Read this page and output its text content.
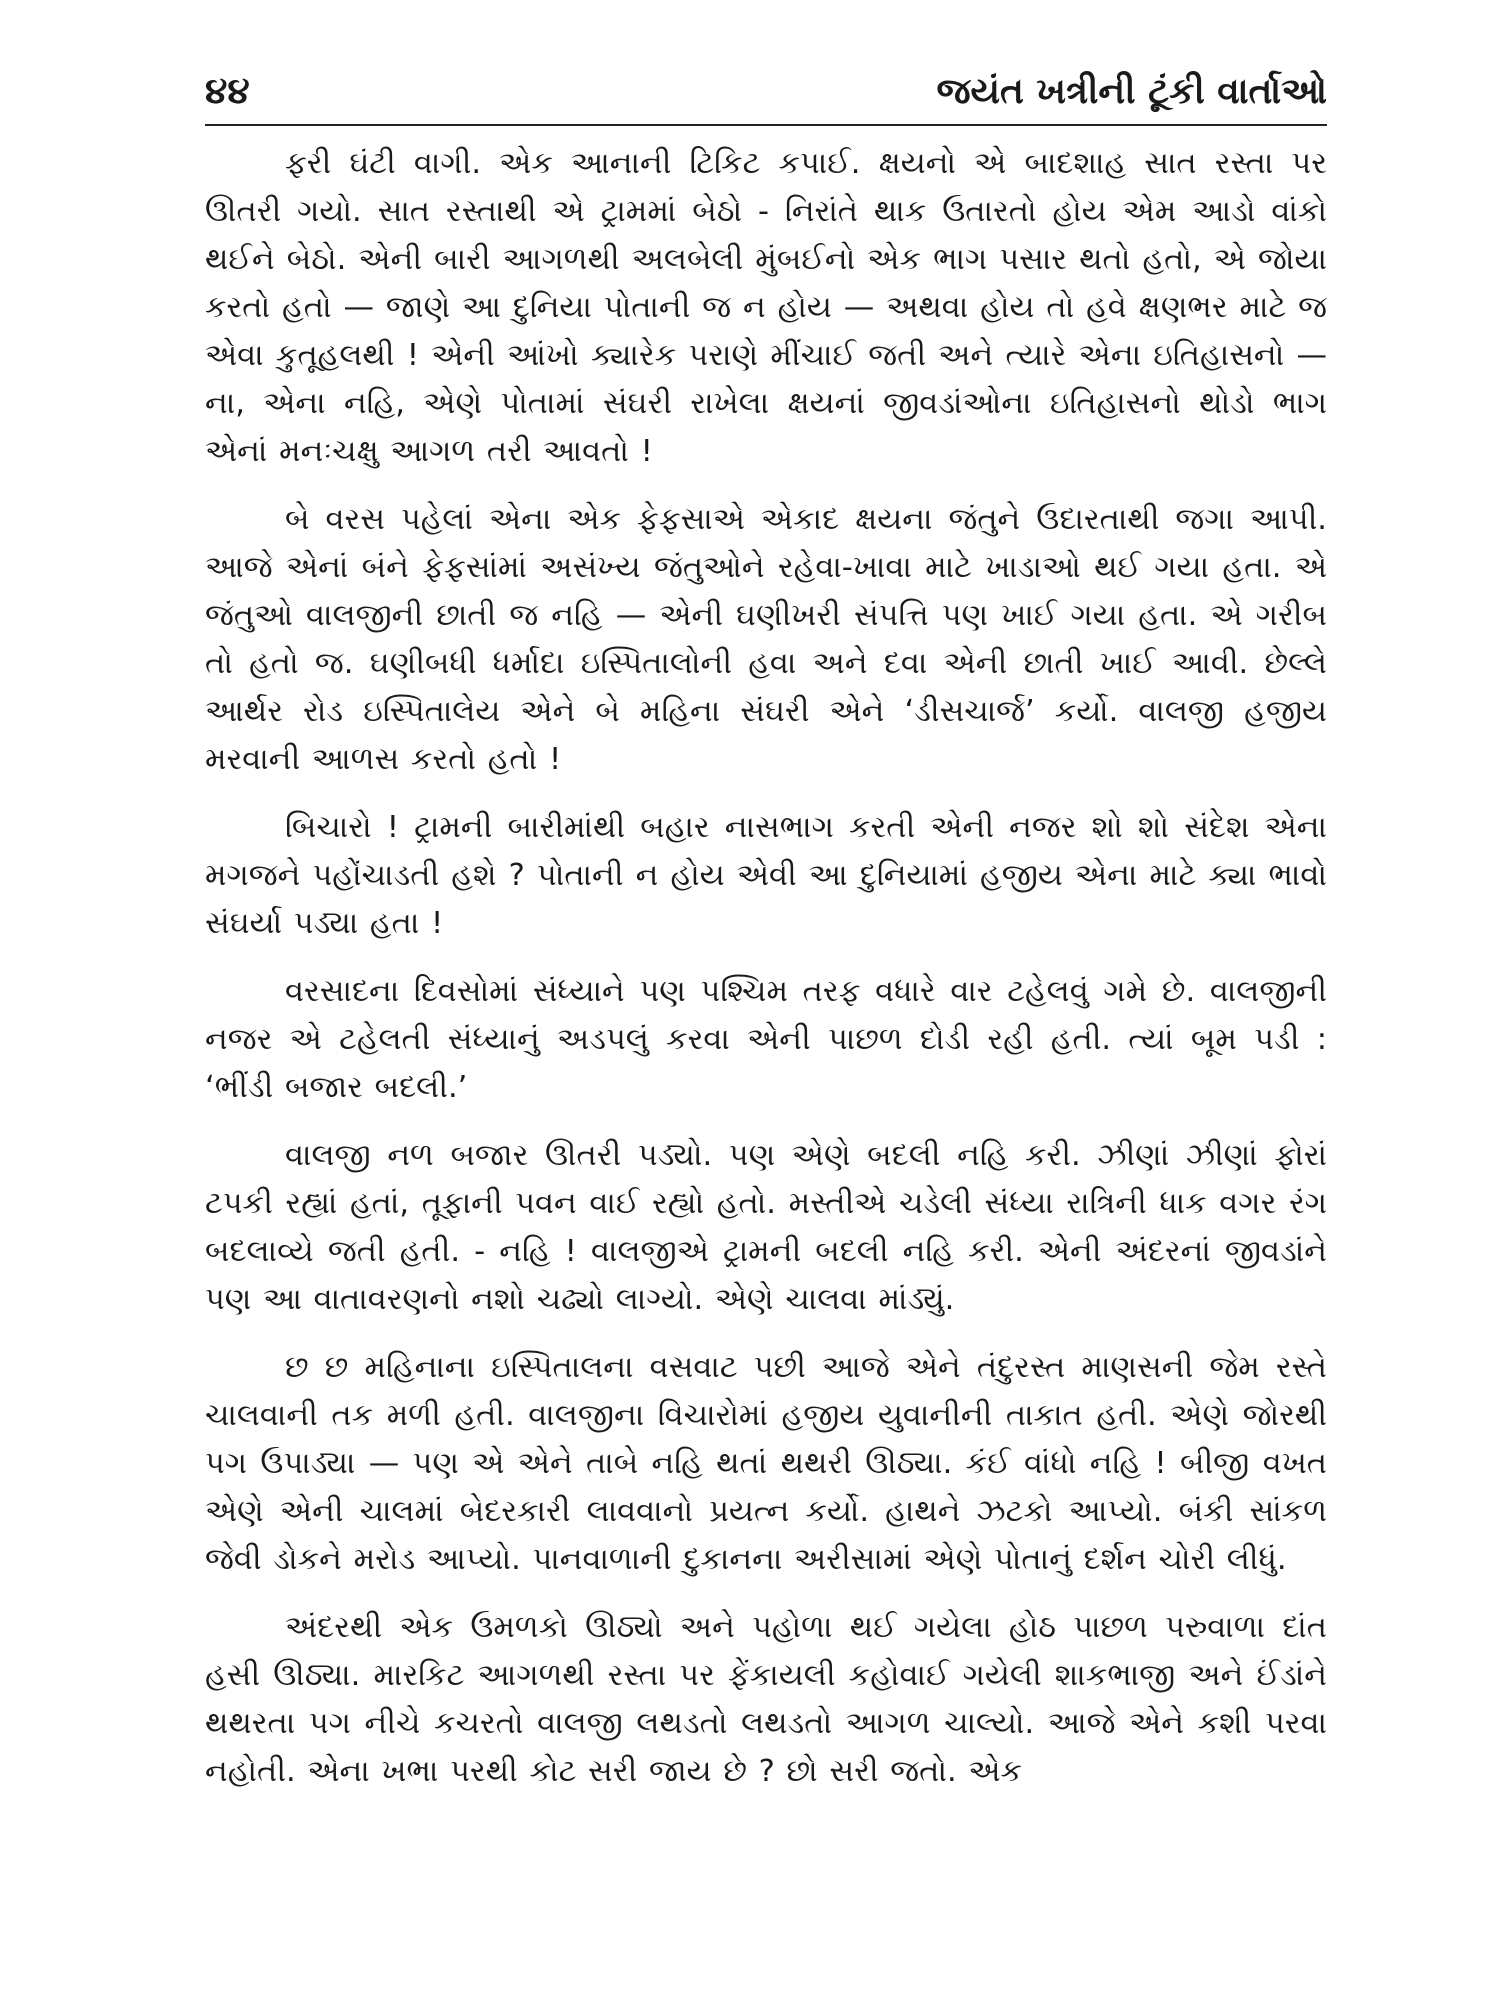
૪૪	જયંત ખત્રીની ટૂંકી વાર્તાઓ

ફરી ઘંટી વાગી. એક આનાની ટિકિટ કપાઈ. ક્ષયનો એ બાદશાહ સાત રસ્તા પર ઊતરી ગયો. સાત રસ્તાથી એ ટ્રામમાં બેઠો - નિરાંતે થાક ઉતારતો હોય એમ આડો વાંકો થઈને બેઠો. એની બારી આગળથી અલબેલી મુંબઈનો એક ભાગ પસાર થતો હતો, એ જોયા કરતો હતો — જાણે આ દુનિયા પોતાની જ ન હોય — અથવા હોય તો હવે ક્ષણભર માટે જ એવા કુતૂહલથી ! એની આંખો ક્યારેક પરાણે મીંચાઈ જતી અને ત્યારે એના ઇતિહાસનો — ના, એના નહિ, એણે પોતામાં સંઘરી રાખેલા ક્ષયનાં જીવડાંઓના ઇતિહાસનો થોડો ભાગ એનાં મનઃચક્ષુ આગળ તરી આવતો !

બે વરસ પહેલાં એના એક ફેફસાએ એકાદ ક્ષયના જંતુને ઉદારતાથી જગા આપી. આજે એનાં બંને ફેફસાંમાં અસંખ્ય જંતુઓને રહેવા-ખાવા માટે ખાડાઓ થઈ ગયા હતા. એ જંતુઓ વાલજીની છાતી જ નહિ — એની ઘણીખરી સંપત્તિ પણ ખાઈ ગયા હતા. એ ગરીબ તો હતો જ. ઘણીબધી ધર્માદા ઇસ્પિતાલોની હવા અને દવા એની છાતી ખાઈ આવી. છેલ્લે આર્થર રોડ ઇસ્પિતાલેય એને બે મહિના સંઘરી એને ‘ડીસચાર્જ’ કર્યો. વાલજી હજીય મરવાની આળસ કરતો હતો !

બિચારો ! ટ્રામની બારીમાંથી બહાર નાસભાગ કરતી એની નજર શો શો સંદેશ એના મગજને પહોંચાડતી હશે ? પોતાની ન હોય એવી આ દુનિયામાં હજીય એના માટે ક્યા ભાવો સંઘર્યા પડ્યા હતા !

વરસાદના દિવસોમાં સંધ્યાને પણ પશ્ચિમ તરફ વધારે વાર ટહેલવું ગમે છે. વાલજીની નજર એ ટહેલતી સંધ્યાનું અડપલું કરવા એની પાછળ દોડી રહી હતી. ત્યાં બૂમ પડી : ‘ભીંડી બજાર બદલી.’

વાલજી નળ બજાર ઊતરી પડ્યો. પણ એણે બદલી નહિ કરી. ઝીણાં ઝીણાં ફોરાં ટપકી રહ્યાં હતાં, તૂફાની પવન વાઈ રહ્યો હતો. મસ્તીએ ચડેલી સંધ્યા રાત્રિની ધાક વગર રંગ બદલાવ્યે જતી હતી. - નહિ ! વાલજીએ ટ્રામની બદલી નહિ કરી. એની અંદરનાં જીવડાંને પણ આ વાતાવરણનો નશો ચઢ્યો લાગ્યો. એણે ચાલવા માંડ્યું.

છ છ મહિનાના ઇસ્પિતાલના વસવાટ પછી આજે એને તંદુરસ્ત માણસની જેમ રસ્તે ચાલવાની તક મળી હતી. વાલજીના વિચારોમાં હજીય યુવાનીની તાકાત હતી. એણે જોરથી પગ ઉપાડ્યા — પણ એ એને તાબે નહિ થતાં થથરી ઊઠ્યા. કંઈ વાંધો નહિ ! બીજી વખત એણે એની ચાલમાં બેદરકારી લાવવાનો પ્રયત્ન કર્યો. હાથને ઝટકો આપ્યો. બંકી સાંકળ જેવી ડોકને મરોડ આપ્યો. પાનવાળાની દુકાનના અરીસામાં એણે પોતાનું દર્શન ચોરી લીધું.

અંદરથી એક ઉમળકો ઊઠ્યો અને પહોળા થઈ ગયેલા હોઠ પાછળ પરુવાળા દાંત હસી ઊઠ્યા. મારકિટ આગળથી રસ્તા પર ફેંકાયલી કહોવાઈ ગયેલી શાકભાજી અને ઈંડાંને થથરતા પગ નીચે કચરતો વાલજી લથડતો લથડતો આગળ ચાલ્યો. આજે એને કશી પરવા નહોતી. એના ખભા પરથી કોટ સરી જાય છે ? છો સરી જતો. એક
